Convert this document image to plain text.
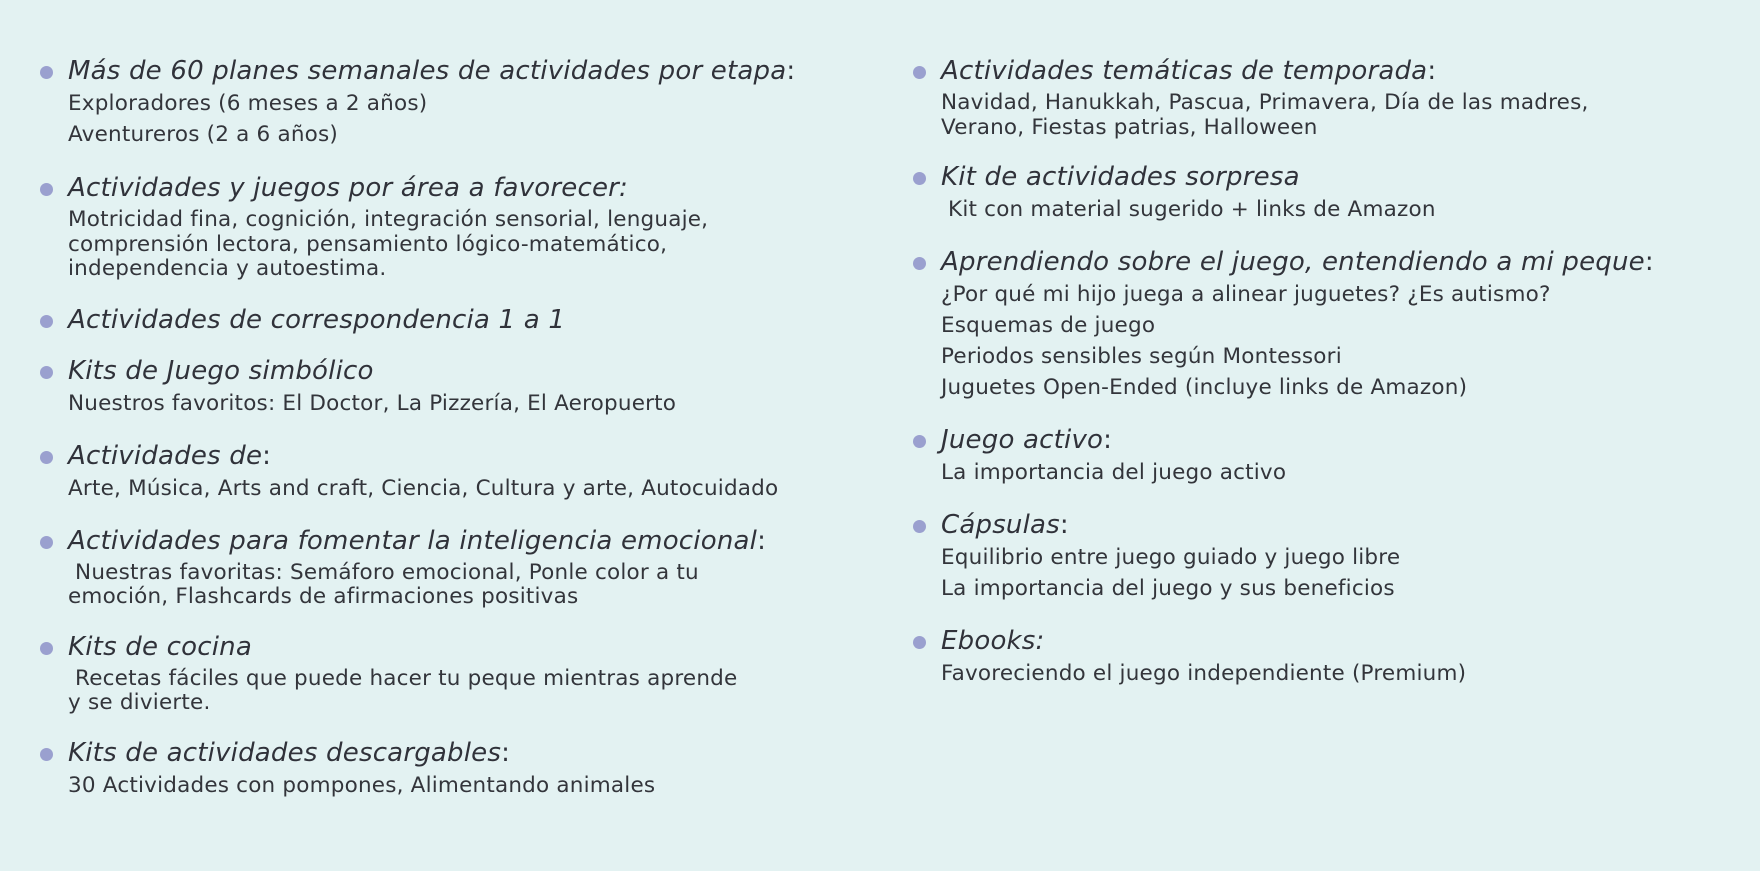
Más de 60 planes semanales de actividades por etapa:
Exploradores (6 meses a 2 años)
Aventureros (2 a 6 años)
Actividades y juegos por área a favorecer:
Motricidad fina, cognición, integración sensorial, lenguaje,
comprensión lectora, pensamiento lógico-matemático,
independencia y autoestima.
Actividades de correspondencia 1 a 1
Kits de Juego simbólico
Nuestros favoritos: El Doctor, La Pizzería, El Aeropuerto
Actividades de:
Arte, Música, Arts and craft, Ciencia, Cultura y arte, Autocuidado
Actividades para fomentar la inteligencia emocional:
Nuestras favoritas: Semáforo emocional, Ponle color a tu
emoción, Flashcards de afirmaciones positivas
Kits de cocina
Recetas fáciles que puede hacer tu peque mientras aprende
y se divierte.
Kits de actividades descargables:
30 Actividades con pompones, Alimentando animales
Actividades temáticas de temporada:
Navidad, Hanukkah, Pascua, Primavera, Día de las madres,
Verano, Fiestas patrias, Halloween
Kit de actividades sorpresa
Kit con material sugerido + links de Amazon
Aprendiendo sobre el juego, entendiendo a mi peque:
¿Por qué mi hijo juega a alinear juguetes? ¿Es autismo?
Esquemas de juego
Periodos sensibles según Montessori
Juguetes Open-Ended (incluye links de Amazon)
Juego activo:
La importancia del juego activo
Cápsulas:
Equilibrio entre juego guiado y juego libre
La importancia del juego y sus beneficios
Ebooks:
Favoreciendo el juego independiente (Premium)
